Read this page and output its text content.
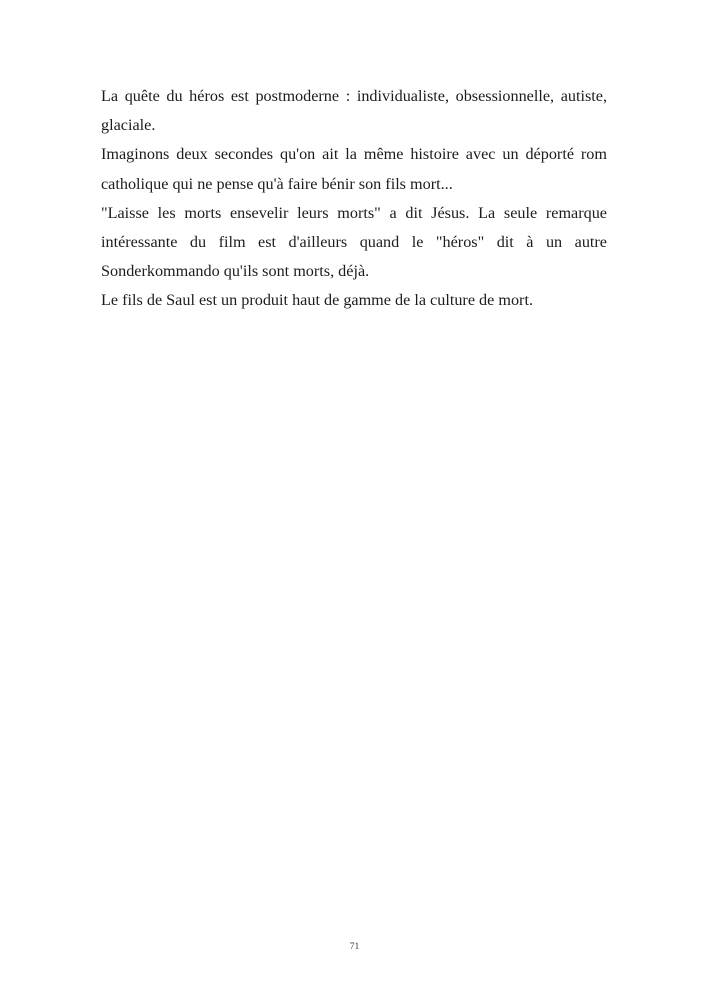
La quête du héros est postmoderne : individualiste, obsessionnelle, autiste, glaciale.

Imaginons deux secondes qu'on ait la même histoire avec un déporté rom catholique qui ne pense qu'à faire bénir son fils mort...

"Laisse les morts ensevelir leurs morts" a dit Jésus. La seule remarque intéressante du film est d'ailleurs quand le "héros" dit à un autre Sonderkommando qu'ils sont morts, déjà.

Le fils de Saul est un produit haut de gamme de la culture de mort.

71
